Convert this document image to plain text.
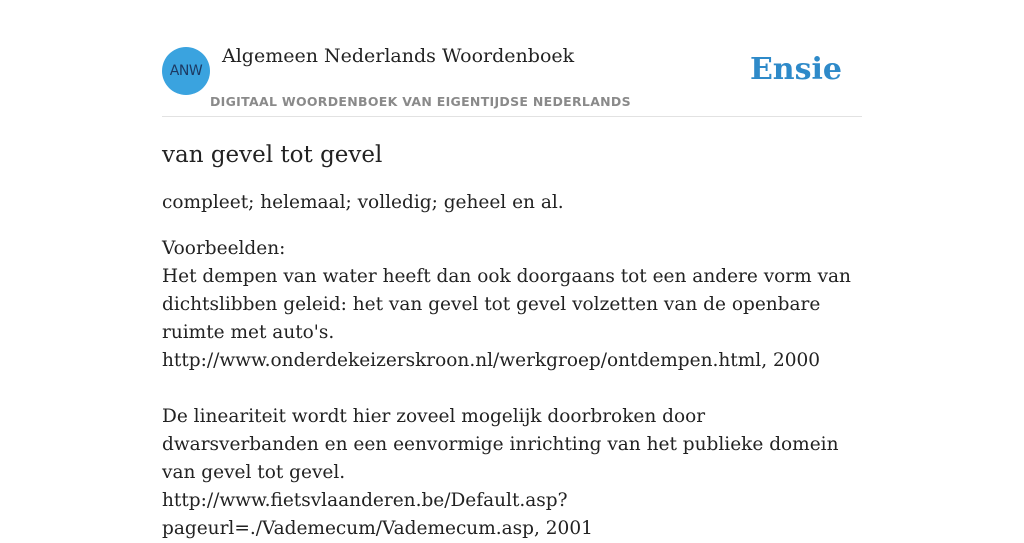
ANW
Algemeen Nederlands Woordenboek
DIGITAAL WOORDENBOEK VAN EIGENTIJDSE NEDERLANDS
Ensie
van gevel tot gevel

compleet; helemaal; volledig; geheel en al.

Voorbeelden:
Het dempen van water heeft dan ook doorgaans tot een andere vorm van dichtslibben geleid: het van gevel tot gevel volzetten van de openbare ruimte met auto's.
http://www.onderdekeizerskroon.nl/werkgroep/ontdempen.html, 2000
De lineariteit wordt hier zoveel mogelijk doorbroken door dwarsverbanden en een eenvormige inrichting van het publieke domein van gevel tot gevel.
http://www.fietsvlaanderen.be/Default.asp?
pageurl=./Vademecum/Vademecum.asp, 2001
